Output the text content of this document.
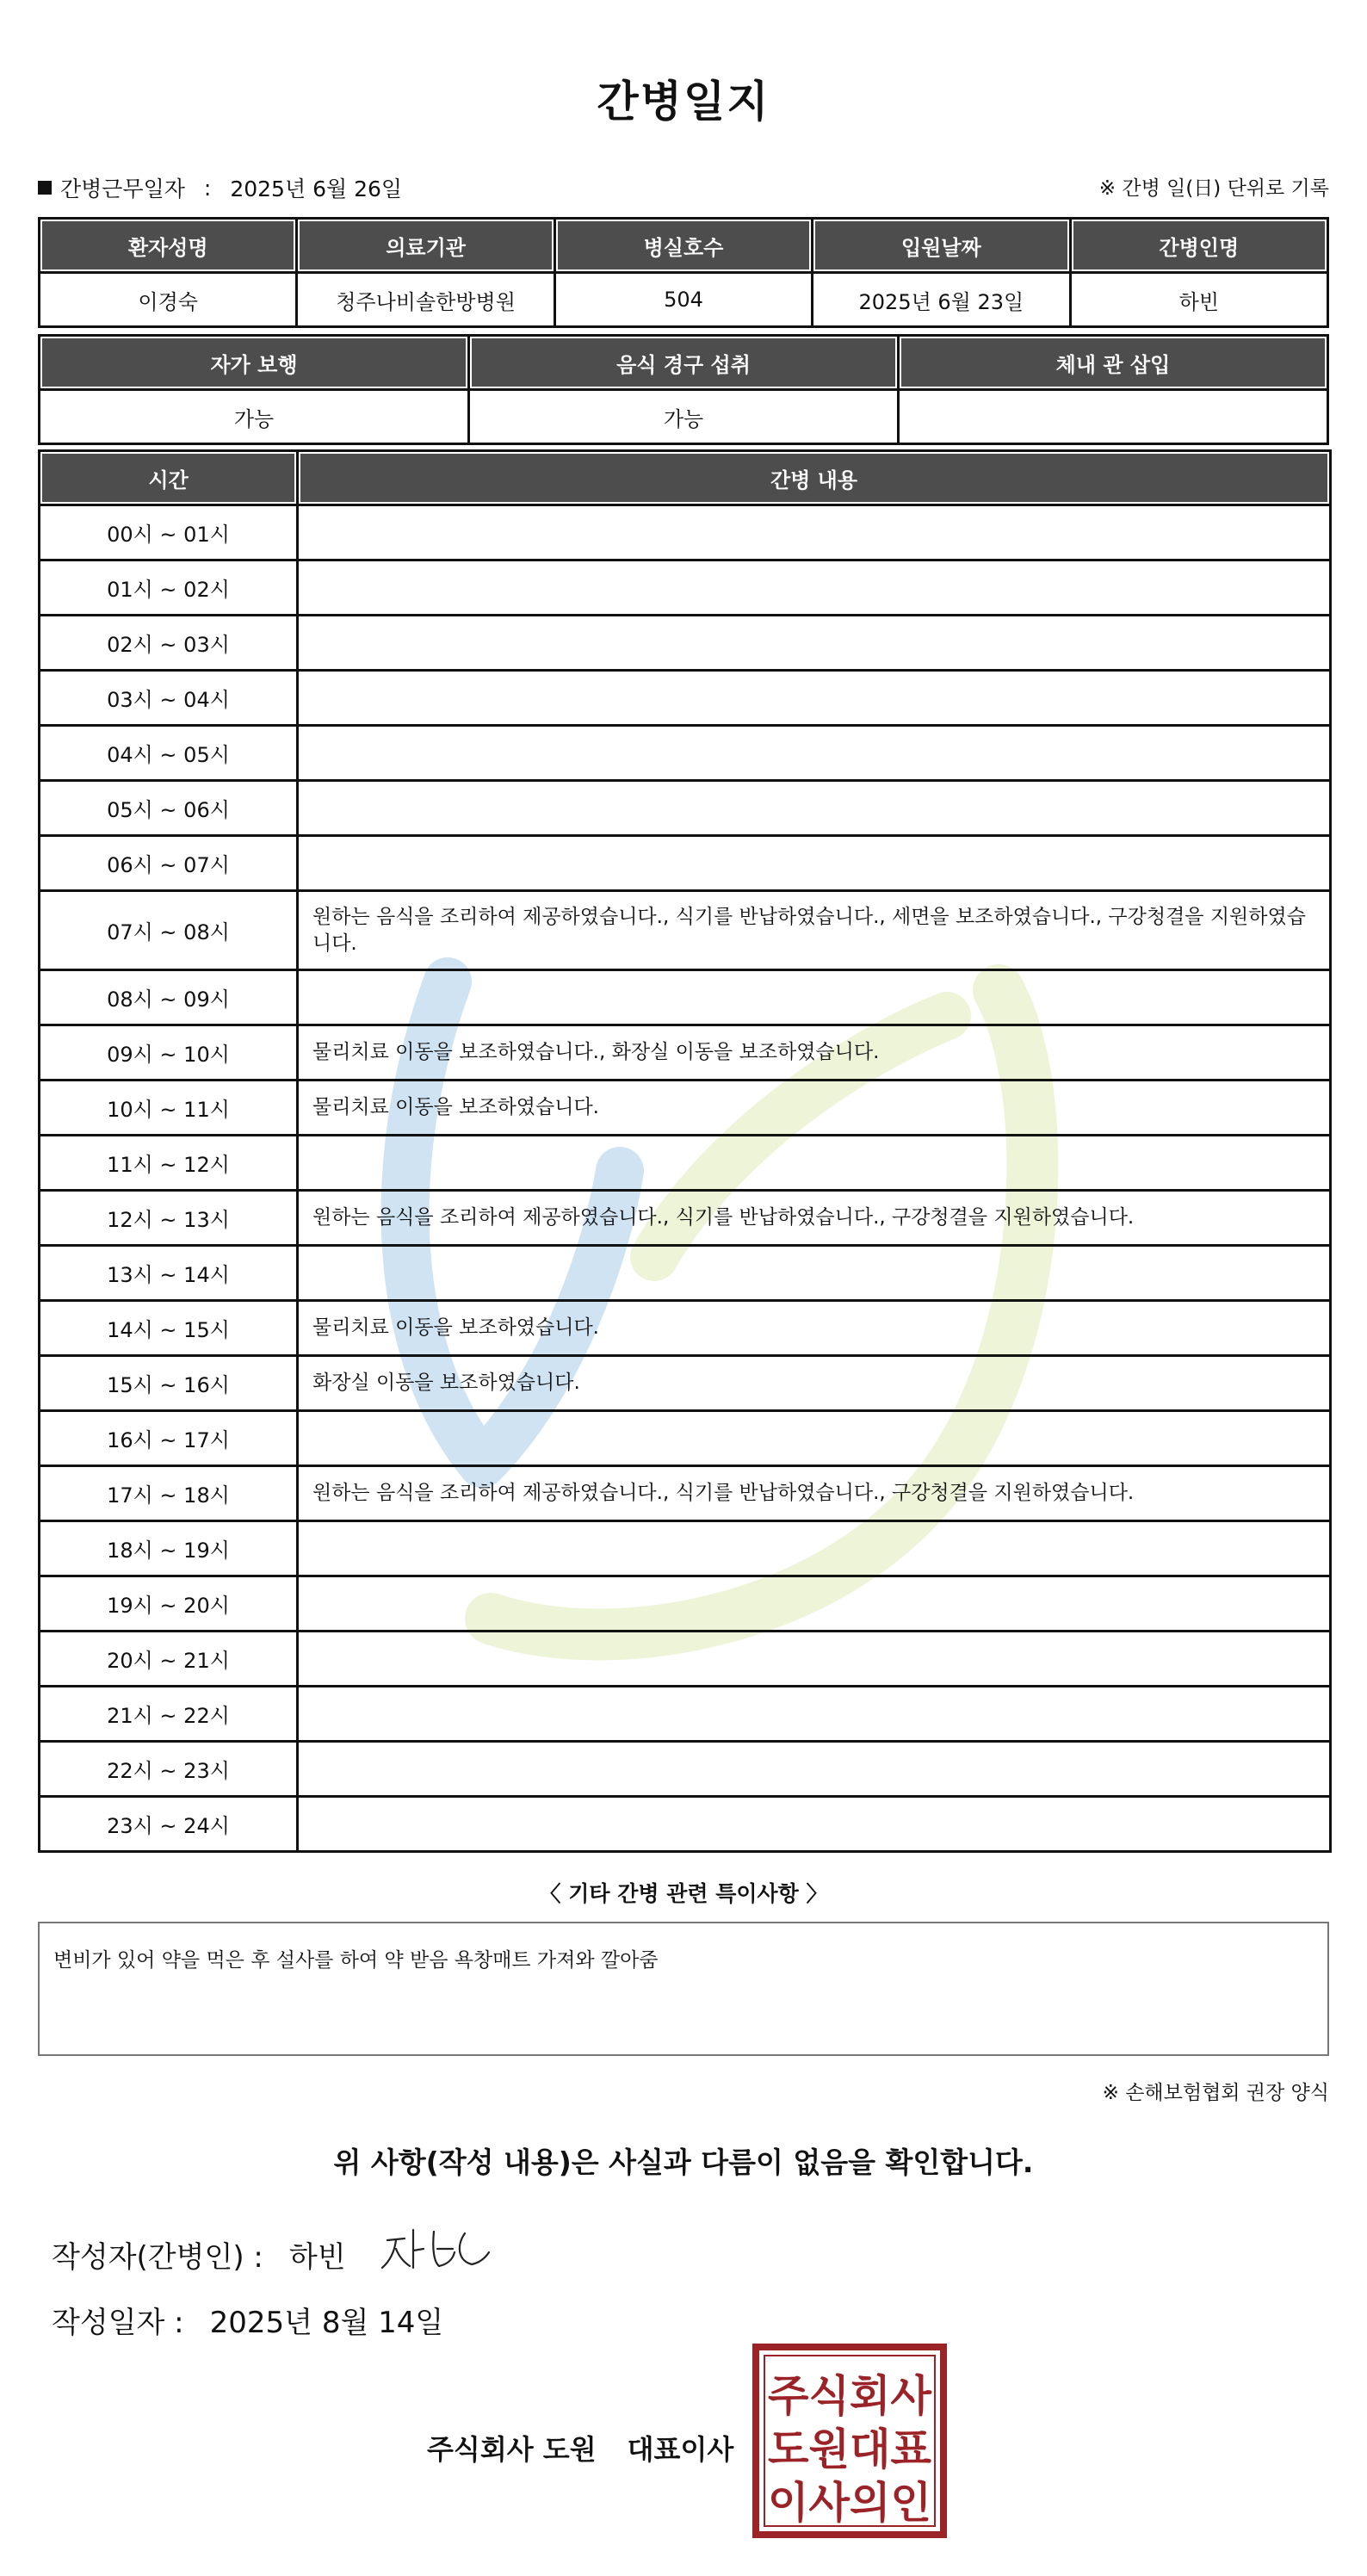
간병일지
간병근무일자 : 2025년 6월 26일	※ 간병 일(日) 단위로 기록
환자성명	의료기관	병실호수	입원날짜	간병인명
이경숙	청주나비솔한방병원	504	2025년 6월 23일	하빈
자가 보행	음식 경구 섭취	체내 관 삽입
가능	가능	
시간	간병 내용
00시 ~ 01시	
01시 ~ 02시	
02시 ~ 03시	
03시 ~ 04시	
04시 ~ 05시	
05시 ~ 06시	
06시 ~ 07시	
07시 ~ 08시	원하는 음식을 조리하여 제공하였습니다., 식기를 반납하였습니다., 세면을 보조하였습니다., 구강청결을 지원하였습니다.
08시 ~ 09시	
09시 ~ 10시	물리치료 이동을 보조하였습니다., 화장실 이동을 보조하였습니다.
10시 ~ 11시	물리치료 이동을 보조하였습니다.
11시 ~ 12시	
12시 ~ 13시	원하는 음식을 조리하여 제공하였습니다., 식기를 반납하였습니다., 구강청결을 지원하였습니다.
13시 ~ 14시	
14시 ~ 15시	물리치료 이동을 보조하였습니다.
15시 ~ 16시	화장실 이동을 보조하였습니다.
16시 ~ 17시	
17시 ~ 18시	원하는 음식을 조리하여 제공하였습니다., 식기를 반납하였습니다., 구강청결을 지원하였습니다.
18시 ~ 19시	
19시 ~ 20시	
20시 ~ 21시	
21시 ~ 22시	
22시 ~ 23시	
23시 ~ 24시	
〈 기타 간병 관련 특이사항 〉
변비가 있어 약을 먹은 후 설사를 하여 약 받음 욕창매트 가져와 깔아줌
※ 손해보험협회 권장 양식
위 사항(작성 내용)은 사실과 다름이 없음을 확인합니다.
작성자(간병인) : 하빈
작성일자 : 2025년 8월 14일
주식회사 도원 대표이사
주식회사
도원대표
이사의인
